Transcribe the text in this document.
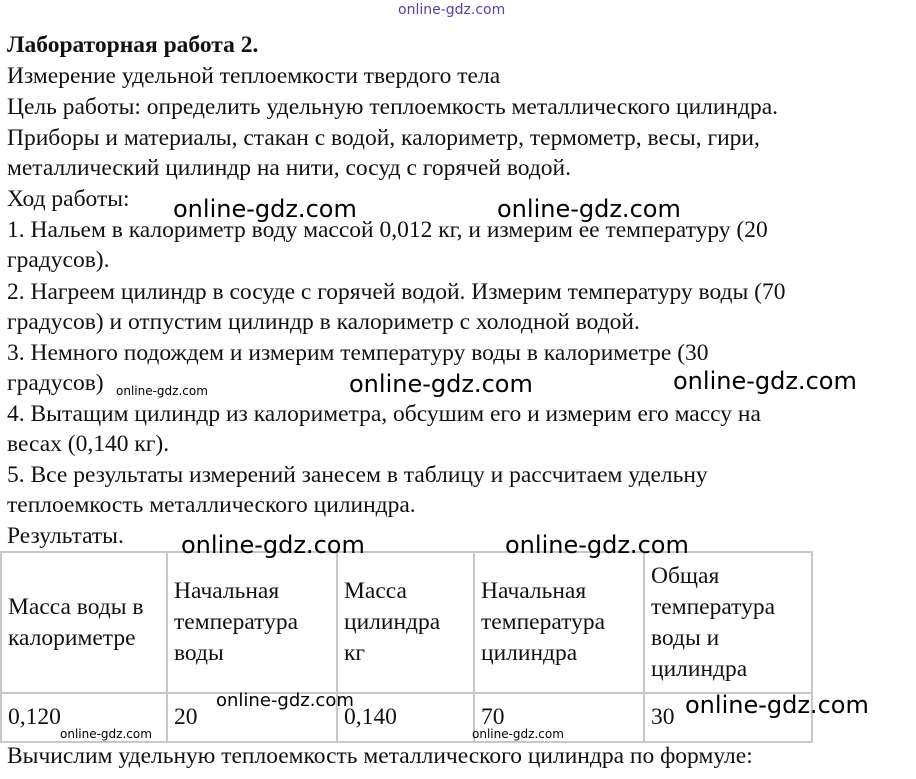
online-gdz.com

Лабораторная работа 2.

Измерение удельной теплоемкости твердого тела

Цель работы: определить удельную теплоемкость металлического цилиндра.

Приборы и материалы, стакан с водой, калориметр, термометр, весы, гири,

металлический цилиндр на нити, сосуд с горячей водой.

Ход работы:

1. Нальем в калориметр воду массой 0,012 кг, и измерим ее температуру (20

градусов).

2. Нагреем цилиндр в сосуде с горячей водой. Измерим температуру воды (70

градусов) и отпустим цилиндр в калориметр с холодной водой.

3. Немного подождем и измерим температуру воды в калориметре (30

градусов)

4. Вытащим цилиндр из калориметра, обсушим его и измерим его массу на

весах (0,140 кг).

5. Все результаты измерений занесем в таблицу и рассчитаем удельну

теплоемкость металлического цилиндра.

Результаты.

Масса воды в калориметре	Начальная температура воды	Масса цилиндра кг	Начальная температура цилиндра	Общая температура воды и цилиндра
0,120	20	0,140	70	30

Вычислим удельную теплоемкость металлического цилиндра по формуле:

online-gdz.com	online-gdz.com
online-gdz.com	online-gdz.com	online-gdz.com
online-gdz.com	online-gdz.com
online-gdz.com	online-gdz.com
online-gdz.com	online-gdz.com
